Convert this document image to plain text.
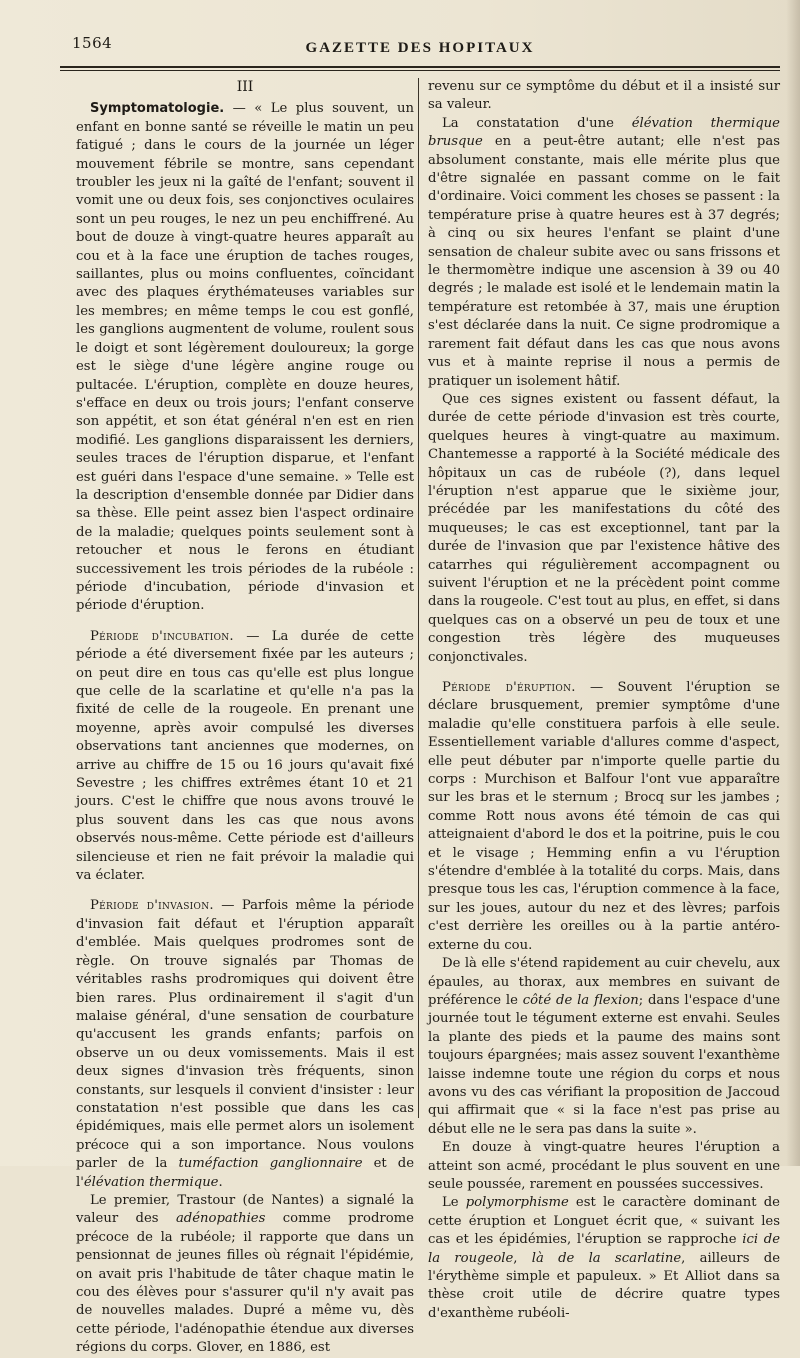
1564	GAZETTE DES HOPITAUX
III

Symptomatologie. — « Le plus souvent, un enfant en bonne santé se réveille le matin un peu fatigué ; dans le cours de la journée un léger mouvement fébrile se montre, sans cependant troubler les jeux ni la gaîté de l'enfant; souvent il vomit une ou deux fois, ses conjonctives oculaires sont un peu rouges, le nez un peu enchiffrené. Au bout de douze à vingt-quatre heures apparaît au cou et à la face une éruption de taches rouges, saillantes, plus ou moins confluentes, coïncidant avec des plaques érythémateuses variables sur les membres; en même temps le cou est gonflé, les ganglions augmentent de volume, roulent sous le doigt et sont légèrement douloureux; la gorge est le siège d'une légère angine rouge ou pultacée. L'éruption, complète en douze heures, s'efface en deux ou trois jours; l'enfant conserve son appétit, et son état général n'en est en rien modifié. Les ganglions disparaissent les derniers, seules traces de l'éruption disparue, et l'enfant est guéri dans l'espace d'une semaine. » Telle est la description d'ensemble donnée par Didier dans sa thèse. Elle peint assez bien l'aspect ordinaire de la maladie; quelques points seulement sont à retoucher et nous le ferons en étudiant successivement les trois périodes de la rubéole : période d'incubation, période d'invasion et période d'éruption.

Période d'incubation. — La durée de cette période a été diversement fixée par les auteurs ; on peut dire en tous cas qu'elle est plus longue que celle de la scarlatine et qu'elle n'a pas la fixité de celle de la rougeole. En prenant une moyenne, après avoir compulsé les diverses observations tant anciennes que modernes, on arrive au chiffre de 15 ou 16 jours qu'avait fixé Sevestre ; les chiffres extrêmes étant 10 et 21 jours. C'est le chiffre que nous avons trouvé le plus souvent dans les cas que nous avons observés nous-même. Cette période est d'ailleurs silencieuse et rien ne fait prévoir la maladie qui va éclater.

Période d'invasion. — Parfois même la période d'invasion fait défaut et l'éruption apparaît d'emblée. Mais quelques prodromes sont de règle. On trouve signalés par Thomas de véritables rashs prodromiques qui doivent être bien rares. Plus ordinairement il s'agit d'un malaise général, d'une sensation de courbature qu'accusent les grands enfants; parfois on observe un ou deux vomissements. Mais il est deux signes d'invasion très fréquents, sinon constants, sur lesquels il convient d'insister : leur constatation n'est possible que dans les cas épidémiques, mais elle permet alors un isolement précoce qui a son importance. Nous voulons parler de la tuméfaction ganglionnaire et de l'élévation thermique.

Le premier, Trastour (de Nantes) a signalé la valeur des adénopathies comme prodrome précoce de la rubéole; il rapporte que dans un pensionnat de jeunes filles où régnait l'épidémie, on avait pris l'habitude de tâter chaque matin le cou des élèves pour s'assurer qu'il n'y avait pas de nouvelles malades. Dupré a même vu, dès cette période, l'adénopathie étendue aux diverses régions du corps. Glover, en 1886, est

revenu sur ce symptôme du début et il a insisté sur sa valeur.

La constatation d'une élévation thermique brusque en a peut-être autant; elle n'est pas absolument constante, mais elle mérite plus que d'être signalée en passant comme on le fait d'ordinaire. Voici comment les choses se passent : la température prise à quatre heures est à 37 degrés; à cinq ou six heures l'enfant se plaint d'une sensation de chaleur subite avec ou sans frissons et le thermomètre indique une ascension à 39 ou 40 degrés ; le malade est isolé et le lendemain matin la température est retombée à 37, mais une éruption s'est déclarée dans la nuit. Ce signe prodromique a rarement fait défaut dans les cas que nous avons vus et à mainte reprise il nous a permis de pratiquer un isolement hâtif.

Que ces signes existent ou fassent défaut, la durée de cette période d'invasion est très courte, quelques heures à vingt-quatre au maximum. Chantemesse a rapporté à la Société médicale des hôpitaux un cas de rubéole (?), dans lequel l'éruption n'est apparue que le sixième jour, précédée par les manifestations du côté des muqueuses; le cas est exceptionnel, tant par la durée de l'invasion que par l'existence hâtive des catarrhes qui régulièrement accompagnent ou suivent l'éruption et ne la précèdent point comme dans la rougeole. C'est tout au plus, en effet, si dans quelques cas on a observé un peu de toux et une congestion très légère des muqueuses conjonctivales.

Période d'éruption. — Souvent l'éruption se déclare brusquement, premier symptôme d'une maladie qu'elle constituera parfois à elle seule. Essentiellement variable d'allures comme d'aspect, elle peut débuter par n'importe quelle partie du corps : Murchison et Balfour l'ont vue apparaître sur les bras et le sternum ; Brocq sur les jambes ; comme Rott nous avons été témoin de cas qui atteignaient d'abord le dos et la poitrine, puis le cou et le visage ; Hemming enfin a vu l'éruption s'étendre d'emblée à la totalité du corps. Mais, dans presque tous les cas, l'éruption commence à la face, sur les joues, autour du nez et des lèvres; parfois c'est derrière les oreilles ou à la partie antéro-externe du cou.

De là elle s'étend rapidement au cuir chevelu, aux épaules, au thorax, aux membres en suivant de préférence le côté de la flexion; dans l'espace d'une journée tout le tégument externe est envahi. Seules la plante des pieds et la paume des mains sont toujours épargnées; mais assez souvent l'exanthème laisse indemne toute une région du corps et nous avons vu des cas vérifiant la proposition de Jaccoud qui affirmait que « si la face n'est pas prise au début elle ne le sera pas dans la suite ».

En douze à vingt-quatre heures l'éruption a atteint son acmé, procédant le plus souvent en une seule poussée, rarement en poussées successives.

Le polymorphisme est le caractère dominant de cette éruption et Longuet écrit que, « suivant les cas et les épidémies, l'éruption se rapproche ici de la rougeole, là de la scarlatine, ailleurs de l'érythème simple et papuleux. » Et Alliot dans sa thèse croit utile de décrire quatre types d'exanthème rubéoli-
